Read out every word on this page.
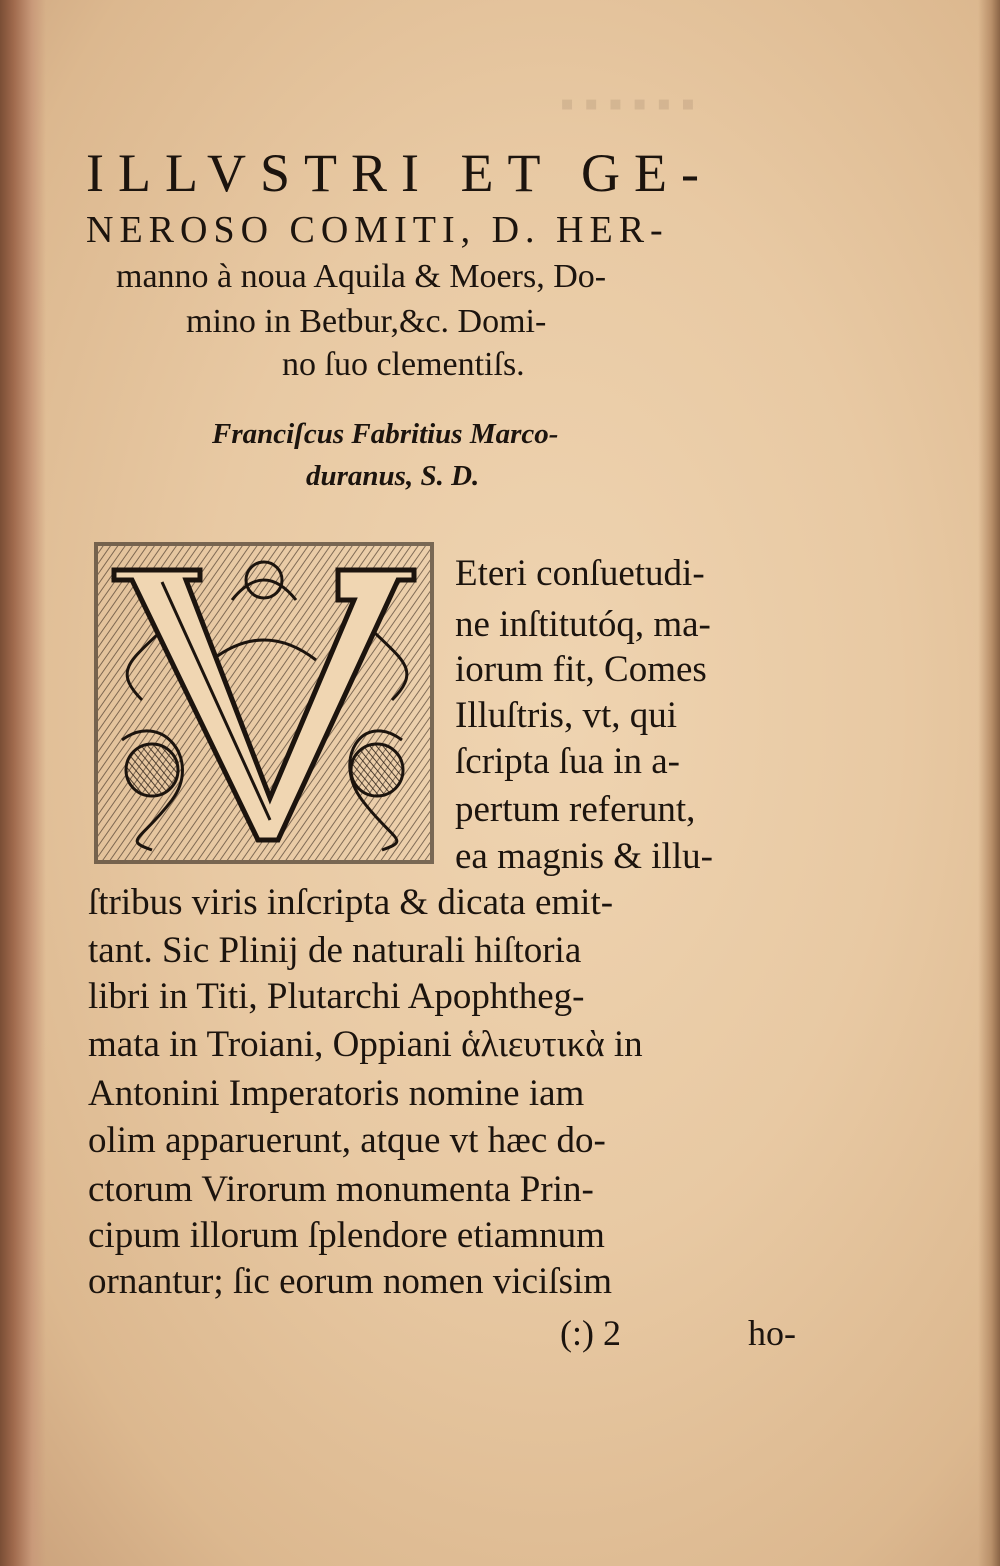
▪▪▪▪▪▪
ILLVSTRI ET GE-
NEROSO COMITI, D. HER-
manno à noua Aquila & Moers, Do-
mino in Betbur,&c. Domi-
no ſuo clementiſs.
Franciſcus Fabritius Marco-
duranus, S. D.
Eteri conſuetudi-
ne inſtitutóq, ma-
iorum fit, Comes
Illuſtris, vt, qui
ſcripta ſua in a-
pertum referunt,
ea magnis & illu-
ſtribus viris inſcripta & dicata emit-
tant. Sic Plinij de naturali hiſtoria
libri in Titi, Plutarchi Apophtheg-
mata in Troiani, Oppiani ἁλιευτικὰ in
Antonini Imperatoris nomine iam
olim apparuerunt, atque vt hæc do-
ctorum Virorum monumenta Prin-
cipum illorum ſplendore etiamnum
ornantur; ſic eorum nomen viciſsim
(:) 2	ho-
